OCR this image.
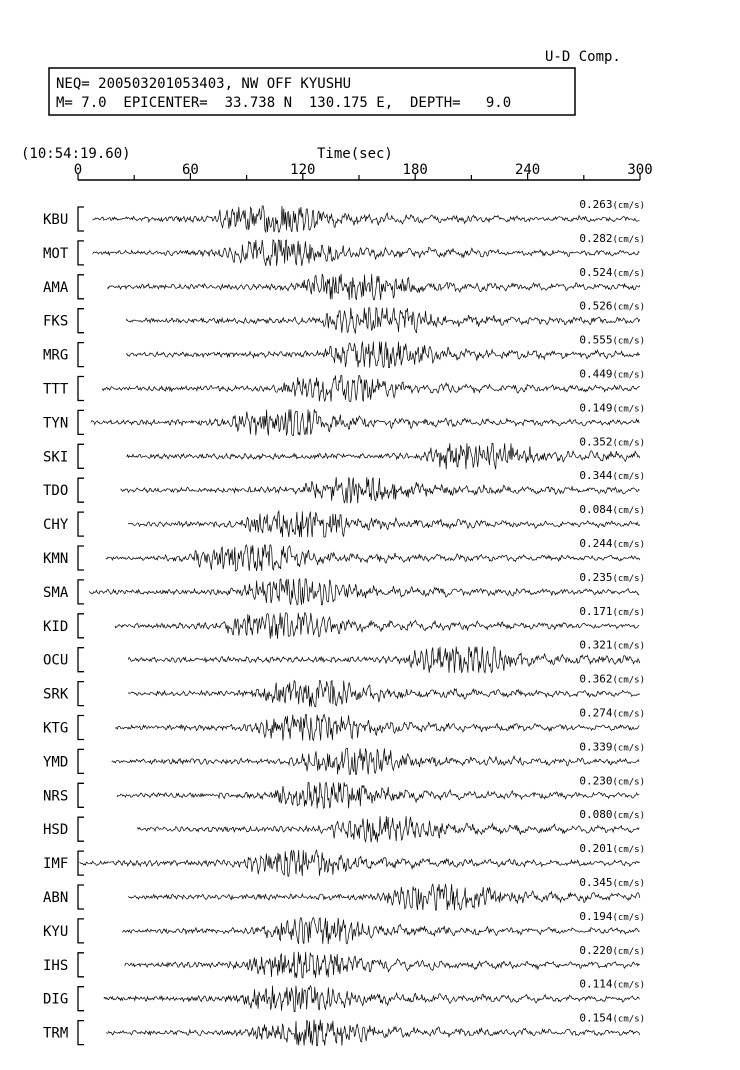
U-D Comp.
NEQ= 200503201053403, NW OFF KYUSHU
M= 7.0  EPICENTER=  33.738 N  130.175 E,  DEPTH=   9.0
(10:54:19.60)	Time(sec)
0	60	120	180	240	300
KBU
0.263(cm/s)
MOT
0.282(cm/s)
AMA
0.524(cm/s)
FKS
0.526(cm/s)
MRG
0.555(cm/s)
TTT
0.449(cm/s)
TYN
0.149(cm/s)
SKI
0.352(cm/s)
TDO
0.344(cm/s)
CHY
0.084(cm/s)
KMN
0.244(cm/s)
SMA
0.235(cm/s)
KID
0.171(cm/s)
OCU
0.321(cm/s)
SRK
0.362(cm/s)
KTG
0.274(cm/s)
YMD
0.339(cm/s)
NRS
0.230(cm/s)
HSD
0.080(cm/s)
IMF
0.201(cm/s)
ABN
0.345(cm/s)
KYU
0.194(cm/s)
IHS
0.220(cm/s)
DIG
0.114(cm/s)
TRM
0.154(cm/s)
